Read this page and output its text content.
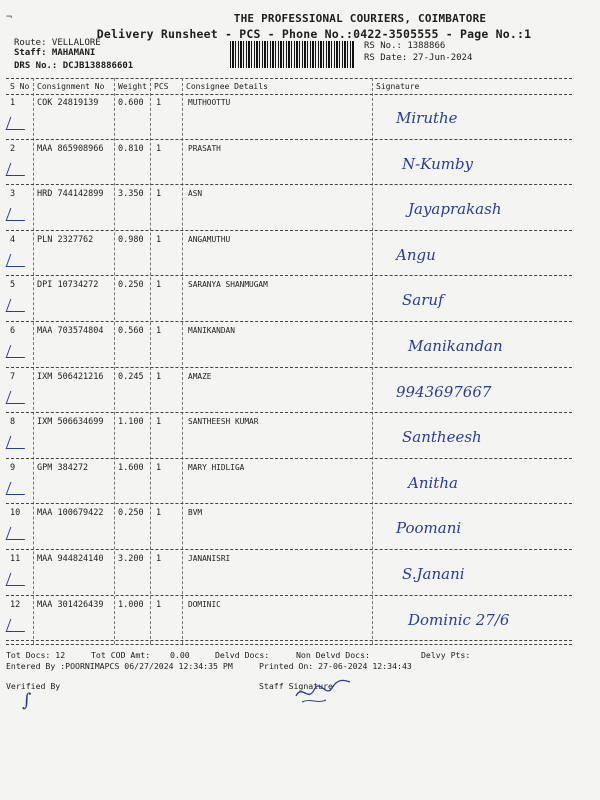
¬	THE PROFESSIONAL COURIERS, COIMBATORE
Delivery Runsheet - PCS - Phone No.:0422-3505555 - Page No.:1
Route: VELLALORE
Staff: MAHAMANI
DRS No.: DCJB138886601
RS No.: 1388866
RS Date: 27-Jun-2024
S No Consignment No Weight PCS Consignee Details	Signature
1	COK 24819139 0.600 1	MUTHOOTTU
Miruthe
2	MAA 865908966 0.810 1	PRASATH
N-Kumby
3	HRD 744142899 3.350 1	ASN
Jayaprakash
4	PLN 2327762	0.980 1	ANGAMUTHU
Angu
5	DPI 10734272 0.250 1	SARANYA SHANMUGAM
Saruf
6	MAA 703574804 0.560 1	MANIKANDAN
Manikandan
7	IXM 506421216 0.245 1	AMAZE
9943697667
8	IXM 506634699 1.100 1	SANTHEESH KUMAR
Santheesh
9	GPM 384272	1.600 1	MARY HIDLIGA
Anitha
10 MAA 100679422 0.250 1	BVM
Poomani
11 MAA 944824140 3.200 1	JANANISRI
S.Janani
12 MAA 301426439 1.000 1	DOMINIC
Dominic 27/6
Tot Docs: 12	Tot COD Amt: 0.00	Delvd Docs:	Non Delvd Docs:	Delvy Pts:
Entered By :POORNIMAPCS 06/27/2024 12:34:35 PM	Printed On: 27-06-2024 12:34:43
Verified By	Staff Signature
∫
